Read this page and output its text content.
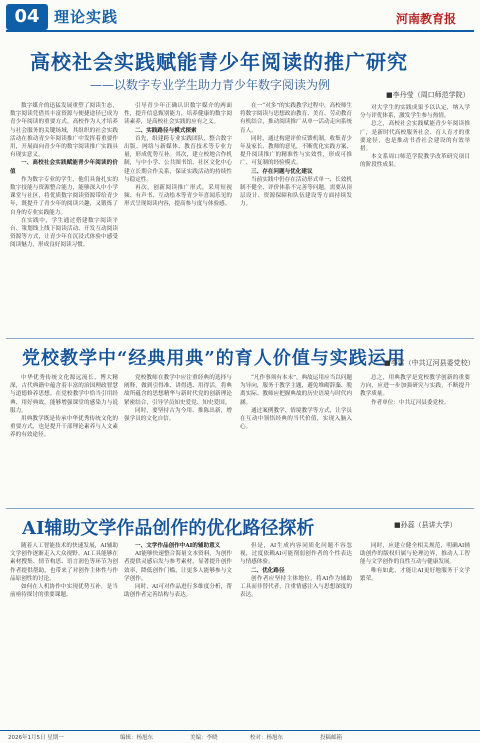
04 理论实践	河南教育报
高校社会实践赋能青少年阅读的推广研究
——以数字专业学生助力青少年数字阅读为例
■李丹莹（周口师范学院）

数字媒介的迅猛发展重塑了阅读生态，数字阅读凭借其丰富资源与便捷途径已成为青少年阅读的重要方式。高校作为人才培养与社会服务的关键场域，其组织的社会实践活动在推动青少年阅读推广中发挥着重要作用，开展面向青少年的数字阅读推广实践具有现实意义。

一、高校社会实践赋能青少年阅读的价值

作为数字专业的学生，他们具备扎实的数字技能与资源整合能力，能够深入中小学课堂与社区，将优质数字阅读资源带给青少年，既提升了青少年的阅读兴趣，又锻炼了自身的专业实践能力。

在实践中，学生通过搭建数字阅读平台、策划线上线下阅读活动、开发互动阅读资源等方式，让青少年在沉浸式体验中感受阅读魅力，形成良好阅读习惯。

引导青少年正确认识数字媒介的两面性，提升信息甄别能力，培养健康的数字阅读素养，是高校社会实践的应有之义。

二、实践路径与模式探索

首先，组建跨专业实践团队，整合数字出版、网络与新媒体、教育技术等专业力量，形成优势互补。其次，建立校地合作机制，与中小学、公共图书馆、社区文化中心建立长期合作关系，保证实践活动的持续性与稳定性。

再次，创新阅读推广形式，采用短视频、有声书、互动绘本等青少年喜闻乐见的形式呈现阅读内容，提高参与度与体验感。

在一“对多”的实践教学过程中，高校师生将数字阅读与思想政治教育、美育、劳动教育有机结合，推动阅读推广从单一活动走向系统育人。

同时，通过构建评价反馈机制，收集青少年及家长、教师的意见，不断优化实践方案，提升阅读推广的精准性与实效性，形成可推广、可复制的经验模式。

三、存在问题与优化建议

当前实践中仍存在活动形式单一、长效机制不健全、评价体系不完善等问题，需要从顶层设计、资源保障和队伍建设等方面持续发力。

对大学生的实践成果予以认定，纳入学分与评优体系，激发学生参与热情。

总之，高校社会实践赋能青少年阅读推广，是新时代高校服务社会、育人育才的重要途径，也是推动书香社会建设的有效举措。

本文系周口师范学院教学改革研究项目的阶段性成果。

党校教学中“经典用典”的育人价值与实践运用
■李雷（中共辽河县委党校）

中华优秀传统文化源远流长、博大精深，古代典籍中蕴含着丰富的治国理政智慧与道德修养思想。在党校教学中恰当引用经典、用好典故，能够增强课堂的感染力与说服力。

用典教学既是传承中华优秀传统文化的重要方式，也是提升干部理论素养与人文素养的有效途径。

党校教师在教学中应注重经典的选择与阐释，做到引得准、讲得透、用得活，将典故所蕴含的思想精华与新时代党的创新理论紧密结合，引导学员知史爱党、知史爱国。

同时，要坚持古为今用、推陈出新，增强学员的文化自信。

“凡作事须有本末”，典故运用应当以问题为导向，服务于教学主题，避免堆砌辞藻、脱离实际。教师应把握典故的历史语境与时代内涵。

通过案例教学、情境教学等方式，让学员在互动中领悟经典的当代价值，实现入脑入心。

总之，用典教学是党校教学创新的重要方向，应进一步加强研究与实践，不断提升教学质量。

作者单位：中共辽河县委党校。

AI辅助文学作品创作的优化路径探析	■孙蕊（县讲大学）

随着人工智能技术的快速发展，AI辅助文学创作逐渐走入大众视野。AI工具能够在素材搜集、情节构思、语言润色等环节为创作者提供帮助，也带来了对创作主体性与作品原创性的讨论。

如何在人机协作中实现优势互补，是当前亟待探讨的重要课题。

一、文学作品创作中AI的辅助意义

AI能够快速整合海量文本资料，为创作者提供灵感启发与参考素材，显著提升创作效率，降低创作门槛，让更多人能够参与文学创作。

同时，AI可对作品进行多维度分析，帮助创作者完善结构与表达。

但是，AI生成内容同质化问题不容忽视，过度依赖AI可能削弱创作者的个性表达与情感体验。

二、优化路径

创作者应坚持主体地位，将AI作为辅助工具而非替代者，注重情感注入与思想深度的表达。

同时，应建立健全相关规范，明确AI辅助创作的版权归属与伦理边界，推动人工智能与文学创作的良性互动与健康发展。

唯有如此，才能让AI更好地服务于文学繁荣。

2026年1月5日 星期一	编辑：杨旭东	美编：李晓	校对：杨旭东	投稿邮箱
